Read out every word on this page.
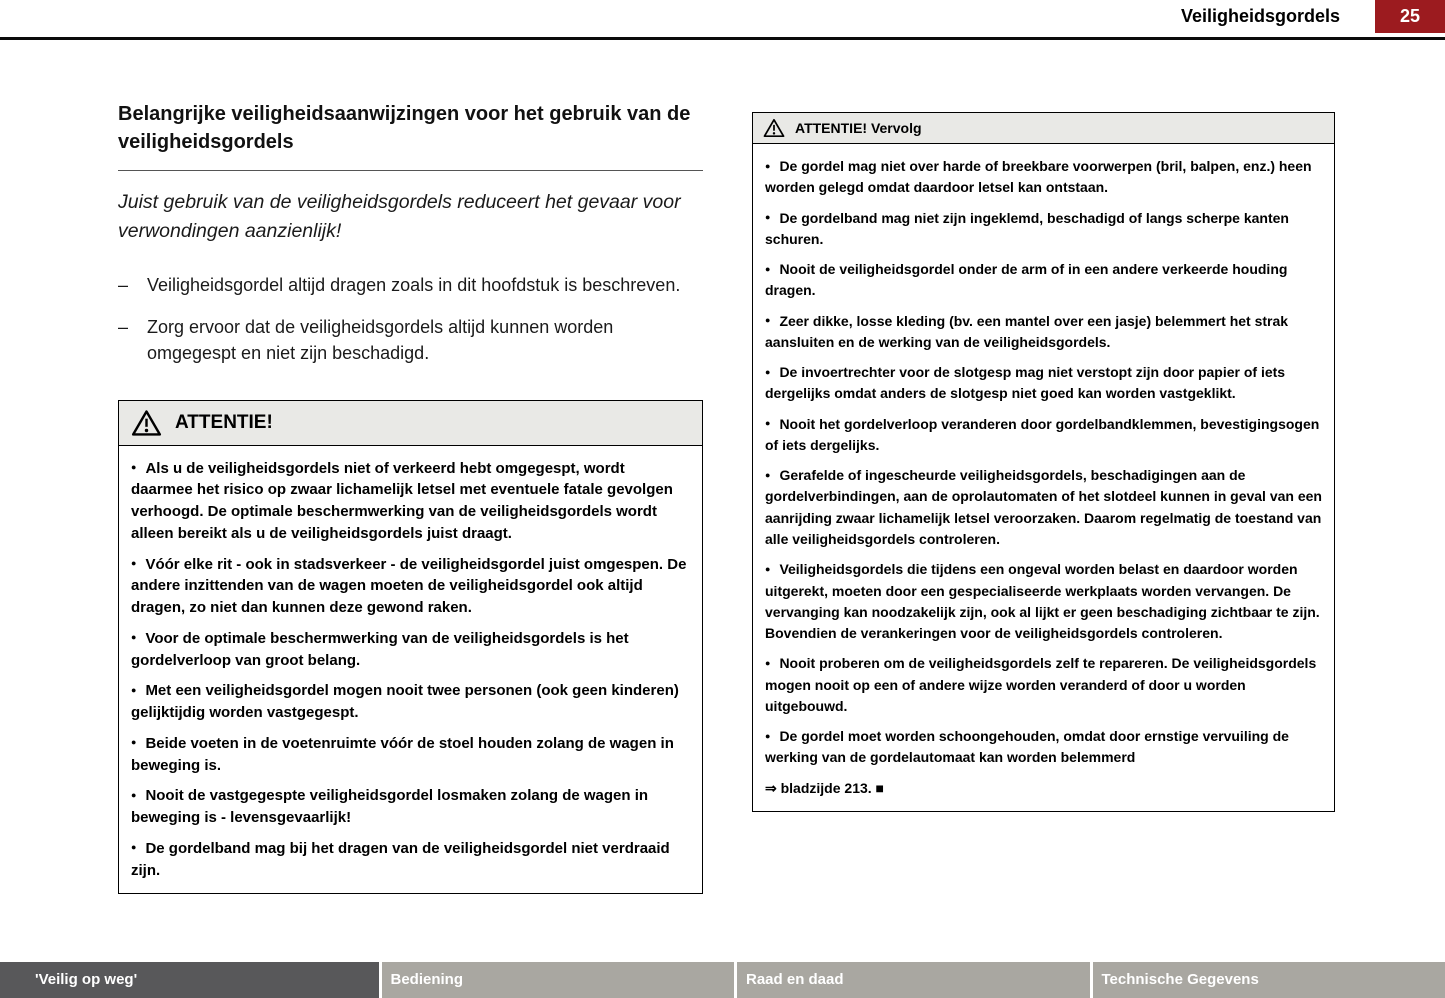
Veiligheidsgordels	25
Belangrijke veiligheidsaanwijzingen voor het gebruik van de veiligheidsgordels
Juist gebruik van de veiligheidsgordels reduceert het gevaar voor verwondingen aanzienlijk!
–	Veiligheidsgordel altijd dragen zoals in dit hoofdstuk is beschreven.
–	Zorg ervoor dat de veiligheidsgordels altijd kunnen worden omgegespt en niet zijn beschadigd.
ATTENTIE!
● Als u de veiligheidsgordels niet of verkeerd hebt omgegespt, wordt daarmee het risico op zwaar lichamelijk letsel met eventuele fatale gevolgen verhoogd. De optimale beschermwerking van de veiligheidsgordels wordt alleen bereikt als u de veiligheidsgordels juist draagt.
● Vóór elke rit - ook in stadsverkeer - de veiligheidsgordel juist omgespen. De andere inzittenden van de wagen moeten de veiligheidsgordel ook altijd dragen, zo niet dan kunnen deze gewond raken.
● Voor de optimale beschermwerking van de veiligheidsgordels is het gordelverloop van groot belang.
● Met een veiligheidsgordel mogen nooit twee personen (ook geen kinderen) gelijktijdig worden vastgegespt.
● Beide voeten in de voetenruimte vóór de stoel houden zolang de wagen in beweging is.
● Nooit de vastgegespte veiligheidsgordel losmaken zolang de wagen in beweging is - levensgevaarlijk!
● De gordelband mag bij het dragen van de veiligheidsgordel niet verdraaid zijn.
ATTENTIE! Vervolg
● De gordel mag niet over harde of breekbare voorwerpen (bril, balpen, enz.) heen worden gelegd omdat daardoor letsel kan ontstaan.
● De gordelband mag niet zijn ingeklemd, beschadigd of langs scherpe kanten schuren.
● Nooit de veiligheidsgordel onder de arm of in een andere verkeerde houding dragen.
● Zeer dikke, losse kleding (bv. een mantel over een jasje) belemmert het strak aansluiten en de werking van de veiligheidsgordels.
● De invoertrechter voor de slotgesp mag niet verstopt zijn door papier of iets dergelijks omdat anders de slotgesp niet goed kan worden vastgeklikt.
● Nooit het gordelverloop veranderen door gordelbandklemmen, bevestigingsogen of iets dergelijks.
● Gerafelde of ingescheurde veiligheidsgordels, beschadigingen aan de gordelverbindingen, aan de oprolautomaten of het slotdeel kunnen in geval van een aanrijding zwaar lichamelijk letsel veroorzaken. Daarom regelmatig de toestand van alle veiligheidsgordels controleren.
● Veiligheidsgordels die tijdens een ongeval worden belast en daardoor worden uitgerekt, moeten door een gespecialiseerde werkplaats worden vervangen. De vervanging kan noodzakelijk zijn, ook al lijkt er geen beschadiging zichtbaar te zijn. Bovendien de verankeringen voor de veiligheidsgordels controleren.
● Nooit proberen om de veiligheidsgordels zelf te repareren. De veiligheidsgordels mogen nooit op een of andere wijze worden veranderd of door u worden uitgebouwd.
● De gordel moet worden schoongehouden, omdat door ernstige vervuiling de werking van de gordelautomaat kan worden belemmerd
⇒ bladzijde 213. ■
'Veilig op weg'	Bediening	Raad en daad	Technische Gegevens
